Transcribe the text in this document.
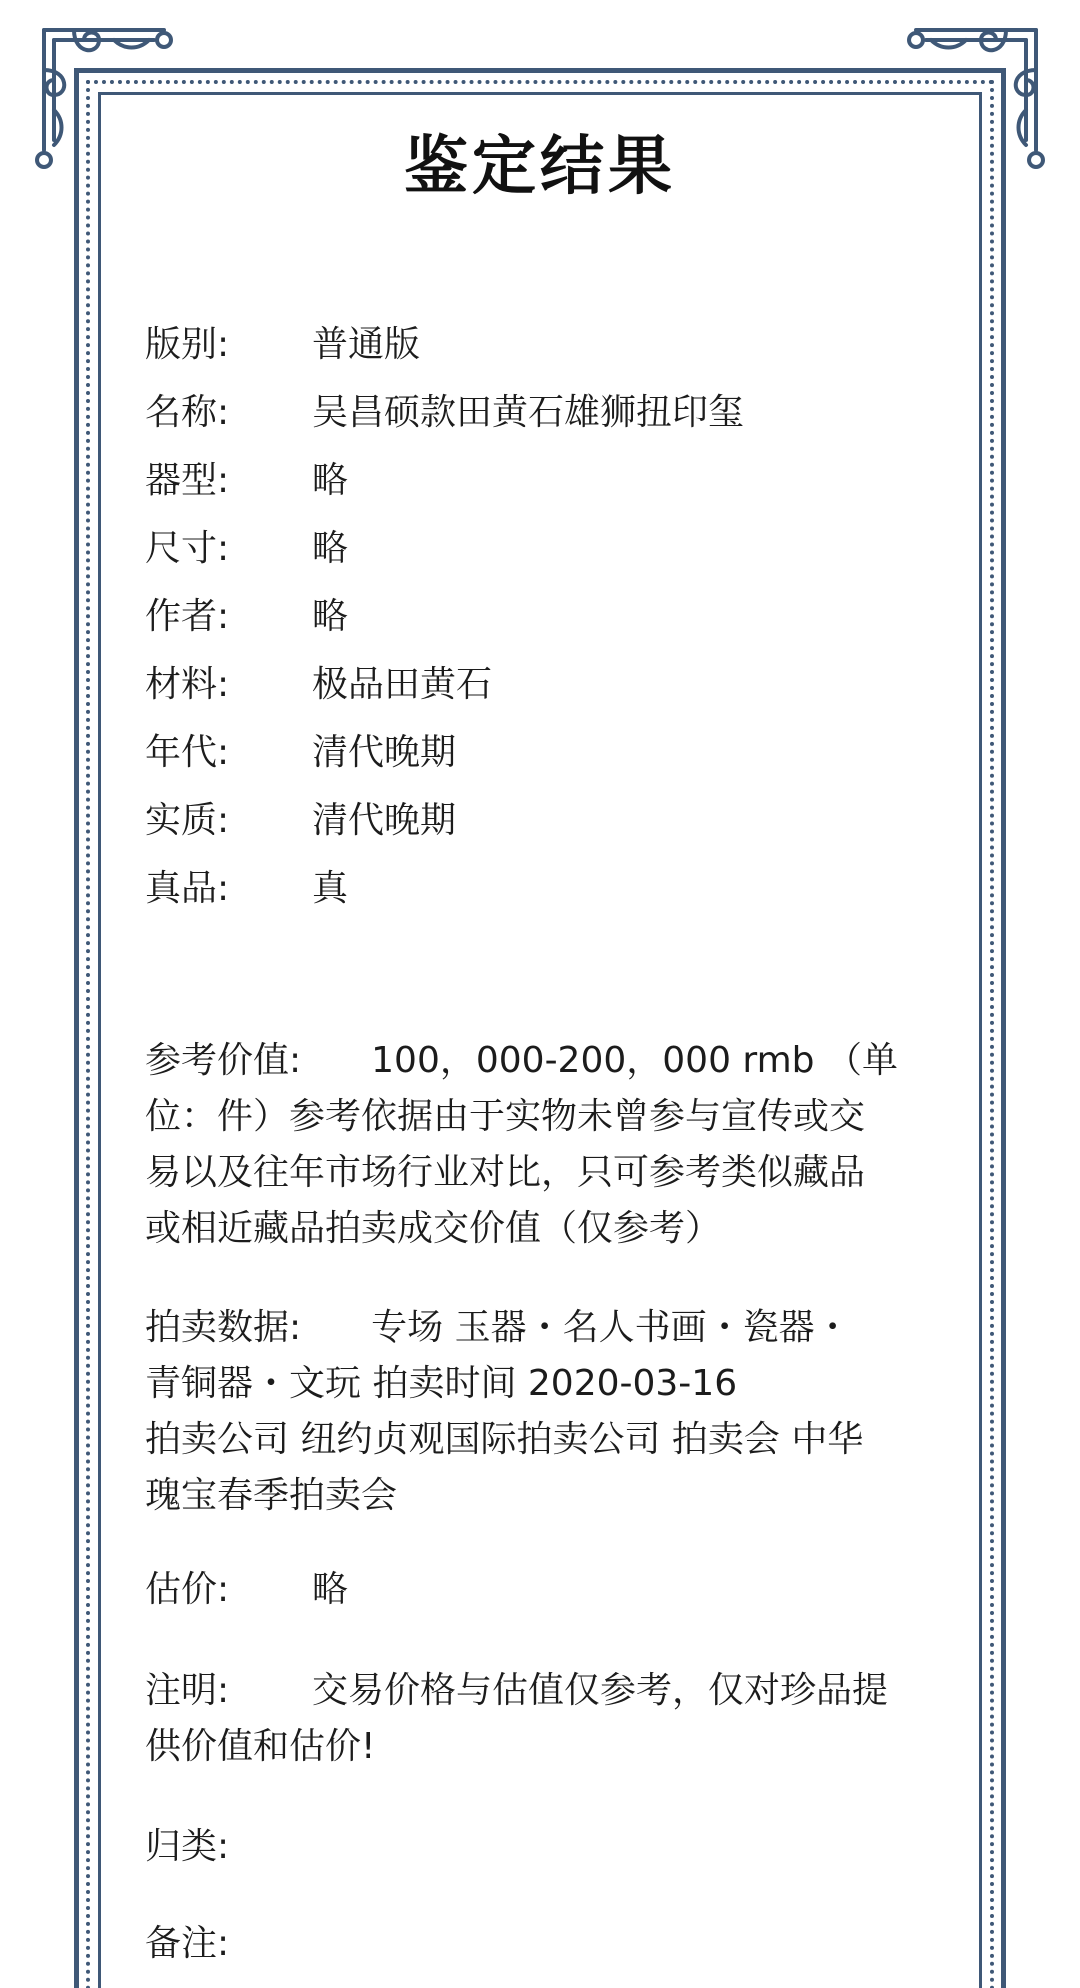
鉴定结果
版别: 普通版
名称: 吴昌硕款田黄石雄狮扭印玺
器型: 略
尺寸: 略
作者: 略
材料: 极品田黄石
年代: 清代晚期
实质: 清代晚期
真品: 真
参考价值: 100，000-200，000 rmb （单
位：件）参考依据由于实物未曾参与宣传或交
易以及往年市场行业对比，只可参考类似藏品
或相近藏品拍卖成交价值（仅参考）
拍卖数据: 专场 玉器・名人书画・瓷器・
青铜器・文玩 拍卖时间 2020-03-16
拍卖公司 纽约贞观国际拍卖公司 拍卖会 中华
瑰宝春季拍卖会
估价: 略
注明: 交易价格与估值仅参考，仅对珍品提
供价值和估价!
归类:
备注:
